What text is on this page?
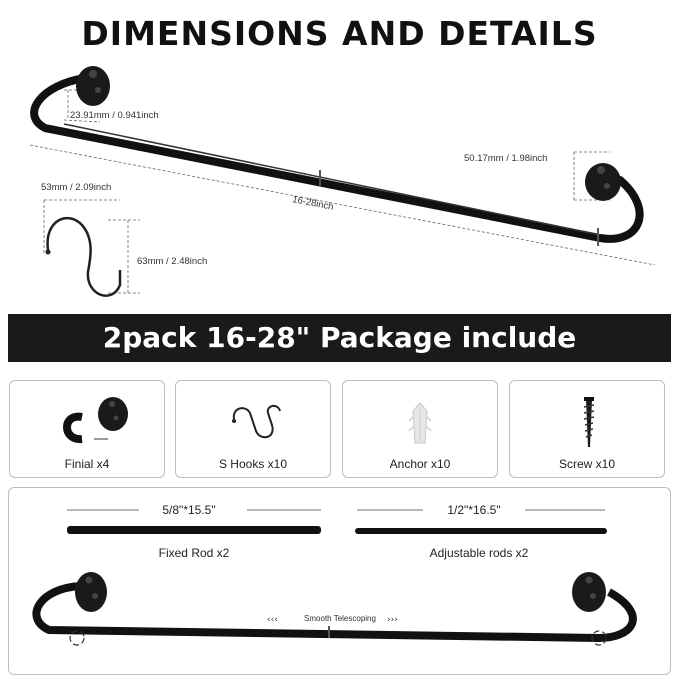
DIMENSIONS AND DETAILS
23.91mm / 0.941inch
50.17mm / 1.98inch
16-28inch
53mm / 2.09inch
63mm / 2.48inch
2pack 16-28" Package include
Finial x4	S Hooks x10	Anchor x10	Screw x10
‹‹‹	›››
5/8"*15.5"	1/2"*16.5"
Fixed Rod x2	Adjustable rods x2
Smooth Telescoping
